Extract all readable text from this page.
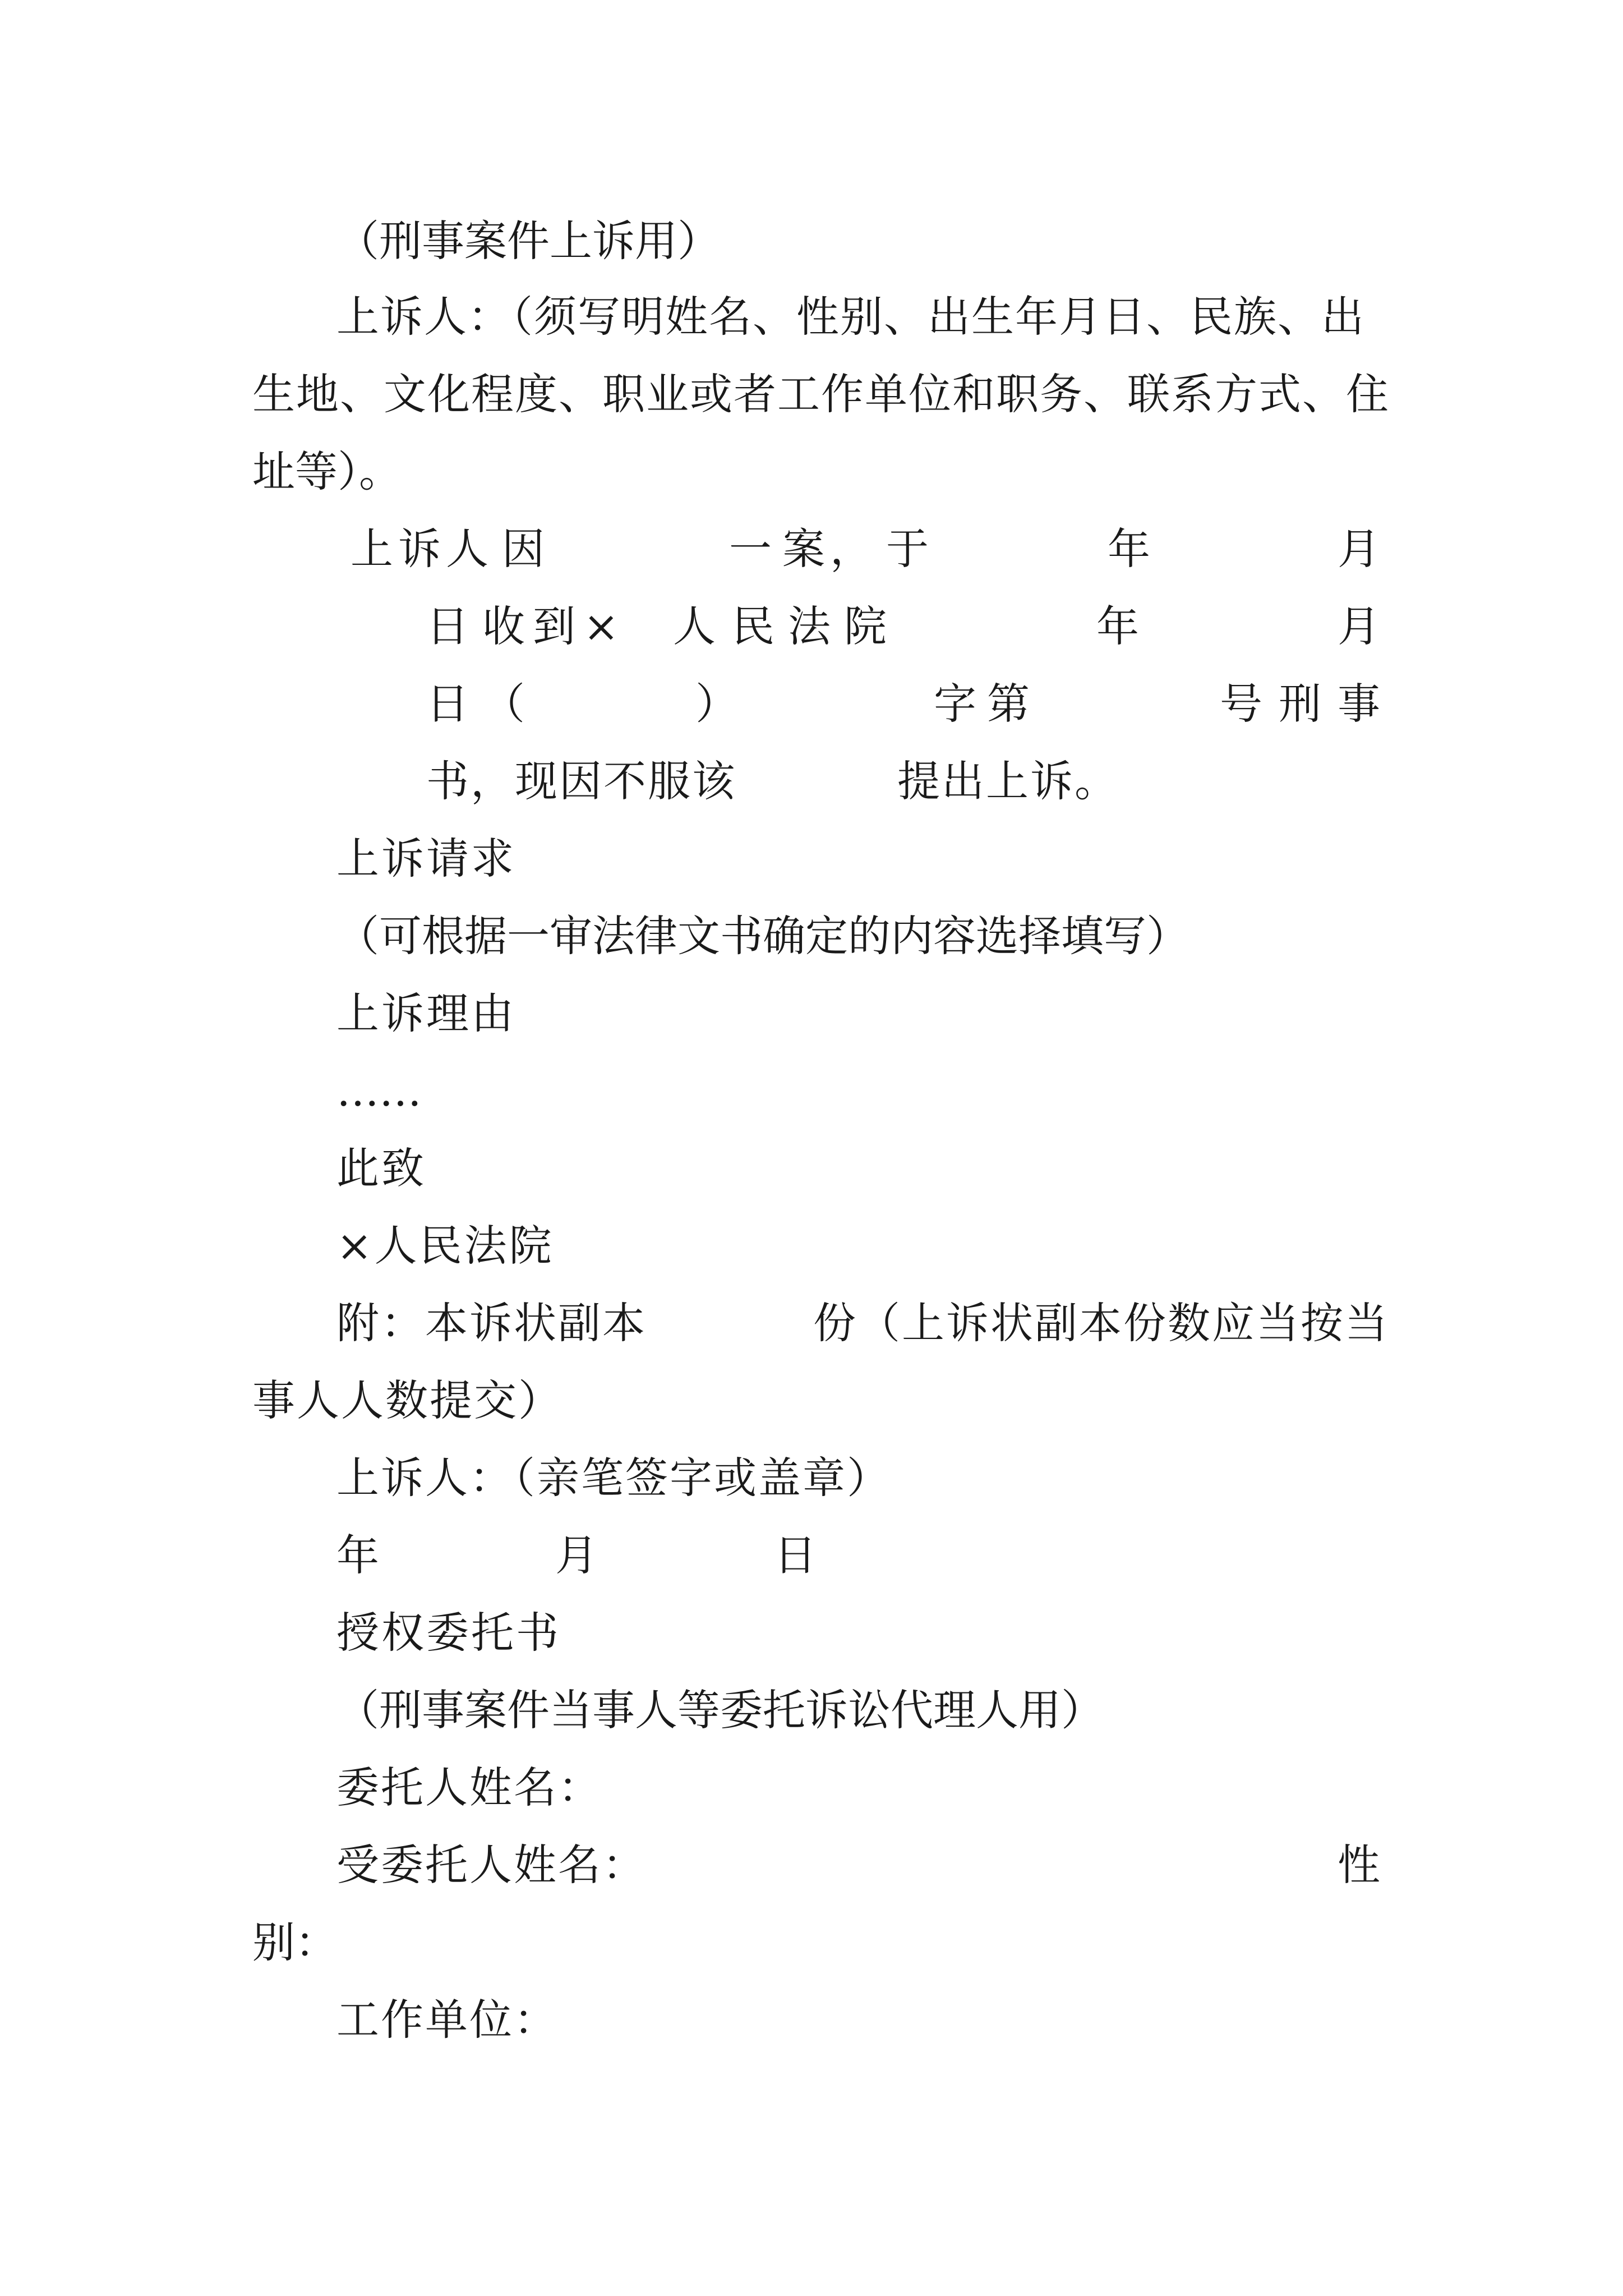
（刑事案件上诉用）
上诉人：（须写明姓名、性别、出生年月日、民族、出
生地、文化程度、职业或者工作单位和职务、联系方式、住
址等）。
上 诉 人 因	一 案 ， 于	年	月
日 收 到 × 人 民 法 院	年	月
日 （	）	字 第	号 刑 事
书，现因不服该	提出上诉。
上诉请求
（可根据一审法律文书确定的内容选择填写）
上诉理由
……
此致
×人民法院
附：本诉状副本	份（上诉状副本份数应当按当
事人人数提交）
上诉人：（亲笔签字或盖章）
年	月	日
授权委托书
（刑事案件当事人等委托诉讼代理人用）
委托人姓名：
受委托人姓名：	性
别：
工作单位：
